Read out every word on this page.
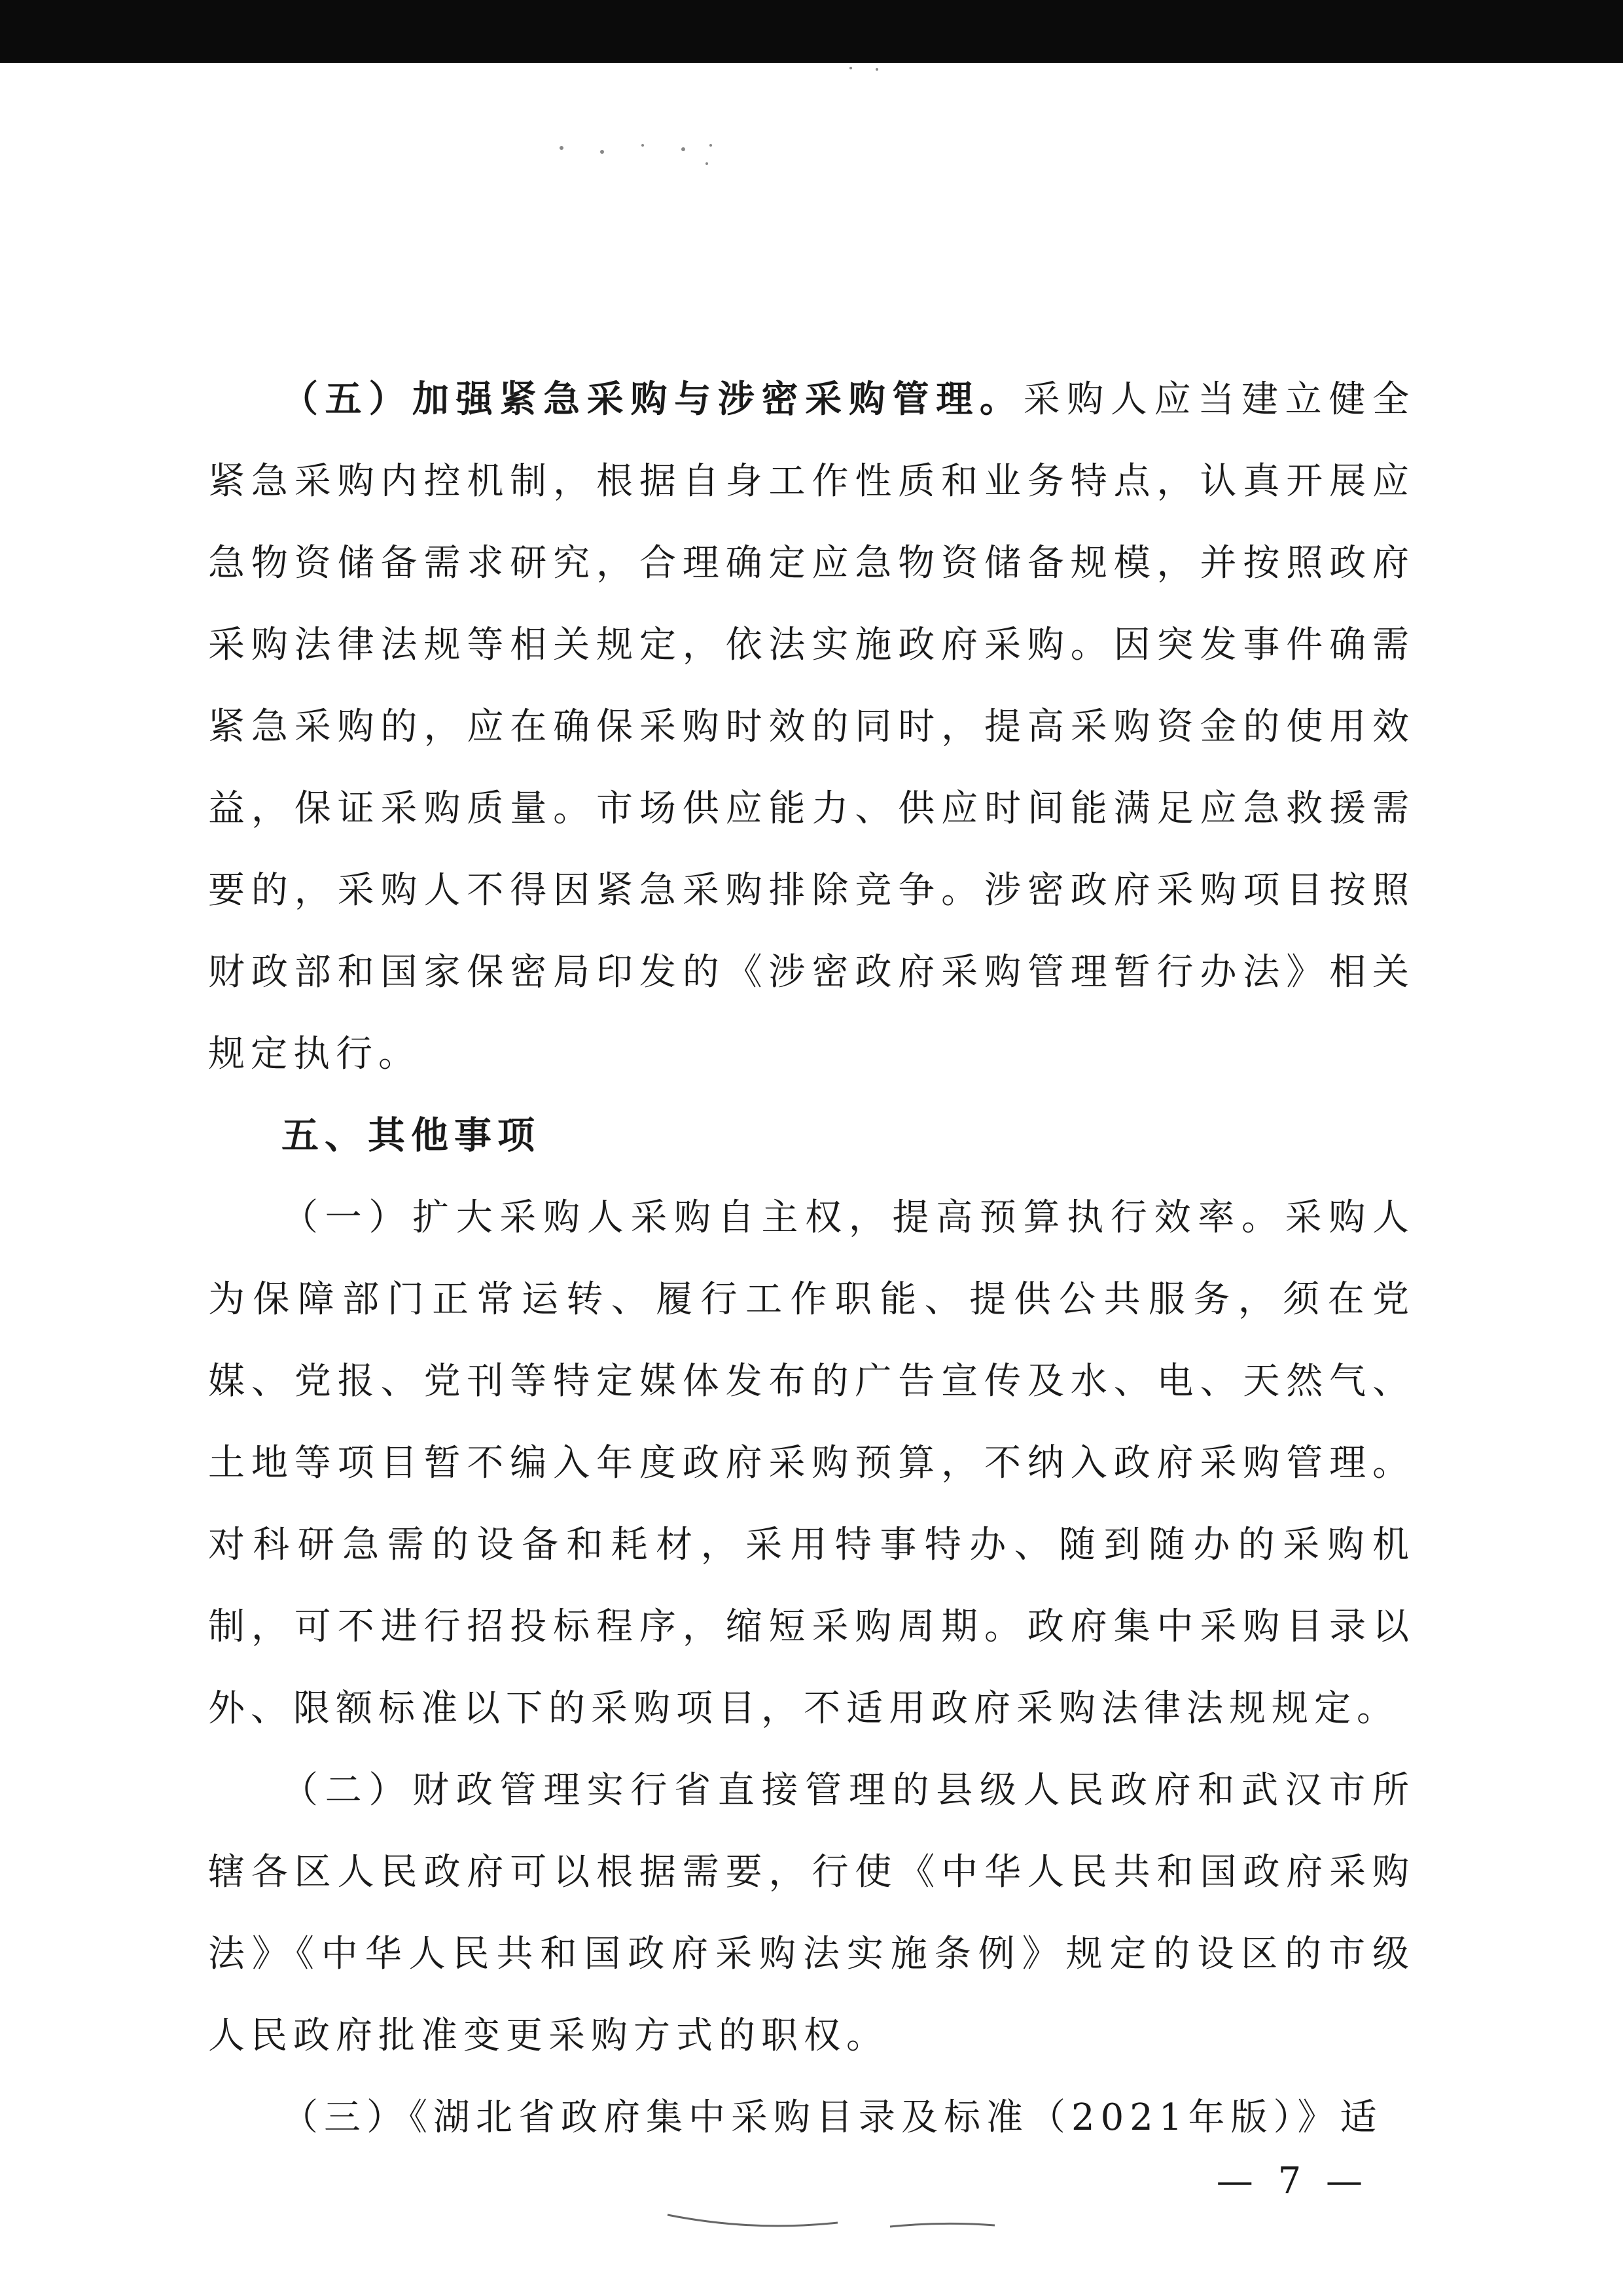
（五）加强紧急采购与涉密采购管理。采购人应当建立健全紧急采购内控机制，根据自身工作性质和业务特点，认真开展应急物资储备需求研究，合理确定应急物资储备规模，并按照政府采购法律法规等相关规定，依法实施政府采购。因突发事件确需紧急采购的，应在确保采购时效的同时，提高采购资金的使用效益，保证采购质量。市场供应能力、供应时间能满足应急救援需要的，采购人不得因紧急采购排除竞争。涉密政府采购项目按照财政部和国家保密局印发的《涉密政府采购管理暂行办法》相关规定执行。

五、其他事项

（一）扩大采购人采购自主权，提高预算执行效率。采购人为保障部门正常运转、履行工作职能、提供公共服务，须在党媒、党报、党刊等特定媒体发布的广告宣传及水、电、天然气、土地等项目暂不编入年度政府采购预算，不纳入政府采购管理。对科研急需的设备和耗材，采用特事特办、随到随办的采购机制，可不进行招投标程序，缩短采购周期。政府集中采购目录以外、限额标准以下的采购项目，不适用政府采购法律法规规定。

（二）财政管理实行省直接管理的县级人民政府和武汉市所辖各区人民政府可以根据需要，行使《中华人民共和国政府采购法》《中华人民共和国政府采购法实施条例》规定的设区的市级人民政府批准变更采购方式的职权。

（三）《湖北省政府集中采购目录及标准（2021年版）》适

— 7 —
